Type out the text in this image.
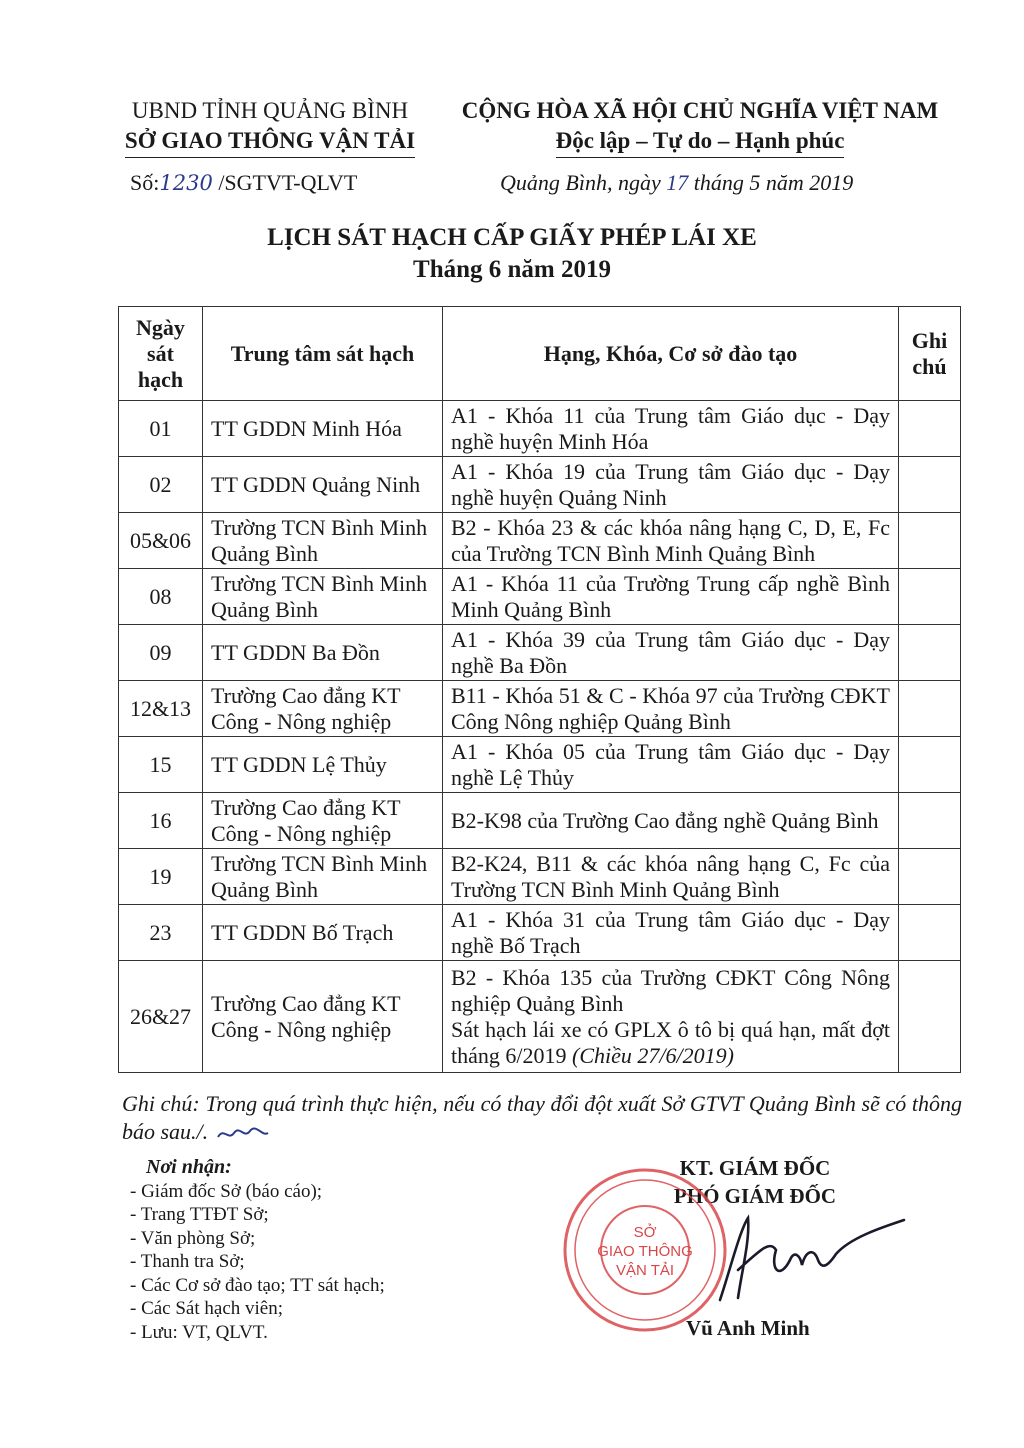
UBND TỈNH QUẢNG BÌNH
SỞ GIAO THÔNG VẬN TẢI
CỘNG HÒA XÃ HỘI CHỦ NGHĨA VIỆT NAM
Độc lập – Tự do – Hạnh phúc
Số:1230 /SGTVT-QLVT	Quảng Bình, ngày 17 tháng 5 năm 2019
LỊCH SÁT HẠCH CẤP GIẤY PHÉP LÁI XE
Tháng 6 năm 2019
Ngày sát hạch	Trung tâm sát hạch	Hạng, Khóa, Cơ sở đào tạo	Ghi chú
01	TT GDDN Minh Hóa	A1 - Khóa 11 của Trung tâm Giáo dục - Dạy nghề huyện Minh Hóa	
02	TT GDDN Quảng Ninh	A1 - Khóa 19 của Trung tâm Giáo dục - Dạy nghề huyện Quảng Ninh	
05&06	Trường TCN Bình Minh Quảng Bình	B2 - Khóa 23 & các khóa nâng hạng C, D, E, Fc của Trường TCN Bình Minh Quảng Bình	
08	Trường TCN Bình Minh Quảng Bình	A1 - Khóa 11 của Trường Trung cấp nghề Bình Minh Quảng Bình	
09	TT GDDN Ba Đồn	A1 - Khóa 39 của Trung tâm Giáo dục - Dạy nghề Ba Đồn	
12&13	Trường Cao đẳng KT Công - Nông nghiệp	B11 - Khóa 51 & C - Khóa 97 của Trường CĐKT Công Nông nghiệp Quảng Bình	
15	TT GDDN Lệ Thủy	A1 - Khóa 05 của Trung tâm Giáo dục - Dạy nghề Lệ Thủy	
16	Trường Cao đẳng KT Công - Nông nghiệp	B2-K98 của Trường Cao đẳng nghề Quảng Bình	
19	Trường TCN Bình Minh Quảng Bình	B2-K24, B11 & các khóa nâng hạng C, Fc của Trường TCN Bình Minh Quảng Bình	
23	TT GDDN Bố Trạch	A1 - Khóa 31 của Trung tâm Giáo dục - Dạy nghề Bố Trạch	
26&27	Trường Cao đẳng KT Công - Nông nghiệp	B2 - Khóa 135 của Trường CĐKT Công Nông nghiệp Quảng Bình
Sát hạch lái xe có GPLX ô tô bị quá hạn, mất đợt tháng 6/2019 (Chiều 27/6/2019)	

Ghi chú: Trong quá trình thực hiện, nếu có thay đổi đột xuất Sở GTVT Quảng Bình sẽ có thông báo sau./.
Nơi nhận:
- Giám đốc Sở (báo cáo);
- Trang TTĐT Sở;
- Văn phòng Sở;
- Thanh tra Sở;
- Các Cơ sở đào tạo; TT sát hạch;
- Các Sát hạch viên;
- Lưu: VT, QLVT.
KT. GIÁM ĐỐC
PHÓ GIÁM ĐỐC
SỞ
GIAO THÔNG
VẬN TẢI
Vũ Anh Minh
